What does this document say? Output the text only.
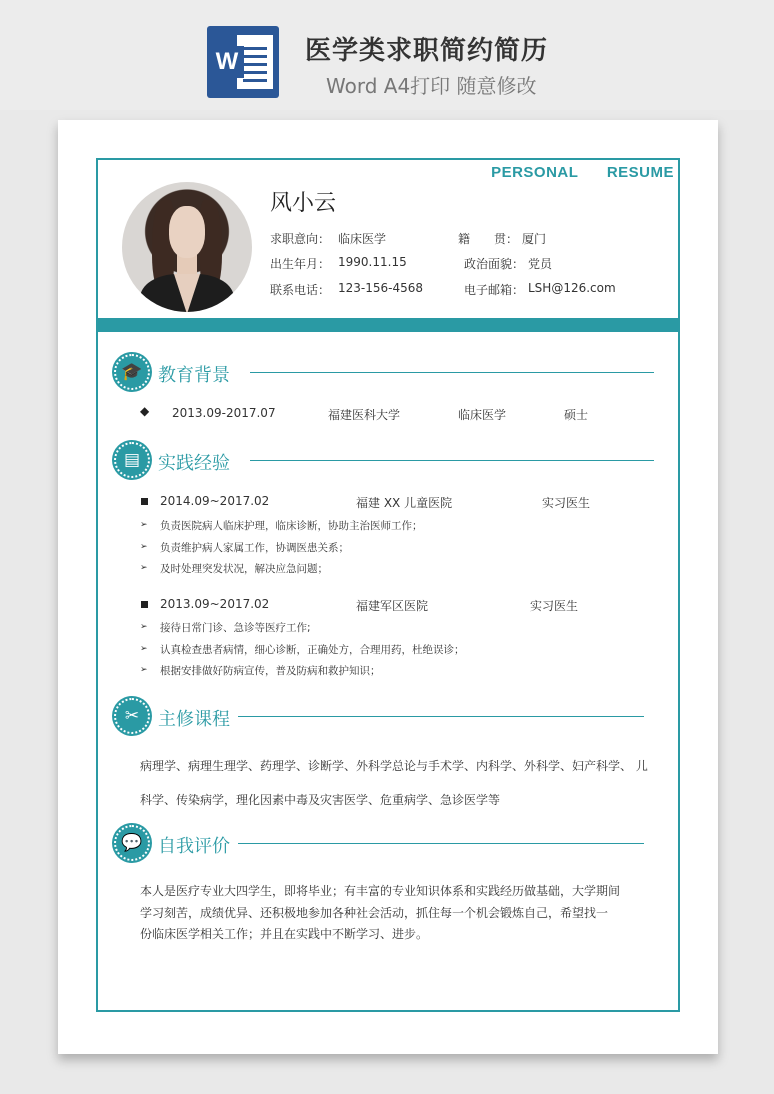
W	医学类求职简约简历
Word A4打印 随意修改
PERSONAL RESUME
风小云
求职意向： 临床医学	籍　　贯： 厦门
出生年月： 1990.11.15	政治面貌： 党员
联系电话： 123-156-4568	电子邮箱： LSH@126.com
🎓 教育背景
◆ 2013.09-2017.07	福建医科大学	临床医学	硕士
▤ 实践经验
2014.09~2017.02	福建 XX 儿童医院	实习医生
➢ 负责医院病人临床护理，临床诊断，协助主治医师工作；
➢ 负责维护病人家属工作，协调医患关系；
➢ 及时处理突发状况，解决应急问题；
2013.09~2017.02	福建军区医院	实习医生
➢ 接待日常门诊、急诊等医疗工作;
➢ 认真检查患者病情，细心诊断，正确处方，合理用药，杜绝误诊；
➢ 根据安排做好防病宣传，普及防病和救护知识；
✂	主修课程
病理学、病理生理学、药理学、诊断学、外科学总论与手术学、内科学、外科学、妇产科学、 儿
科学、传染病学，理化因素中毒及灾害医学、危重病学、急诊医学等
💬 自我评价
本人是医疗专业大四学生，即将毕业；有丰富的专业知识体系和实践经历做基础，大学期间
学习刻苦，成绩优异、还积极地参加各种社会活动，抓住每一个机会锻炼自己，希望找一
份临床医学相关工作；并且在实践中不断学习、进步。
